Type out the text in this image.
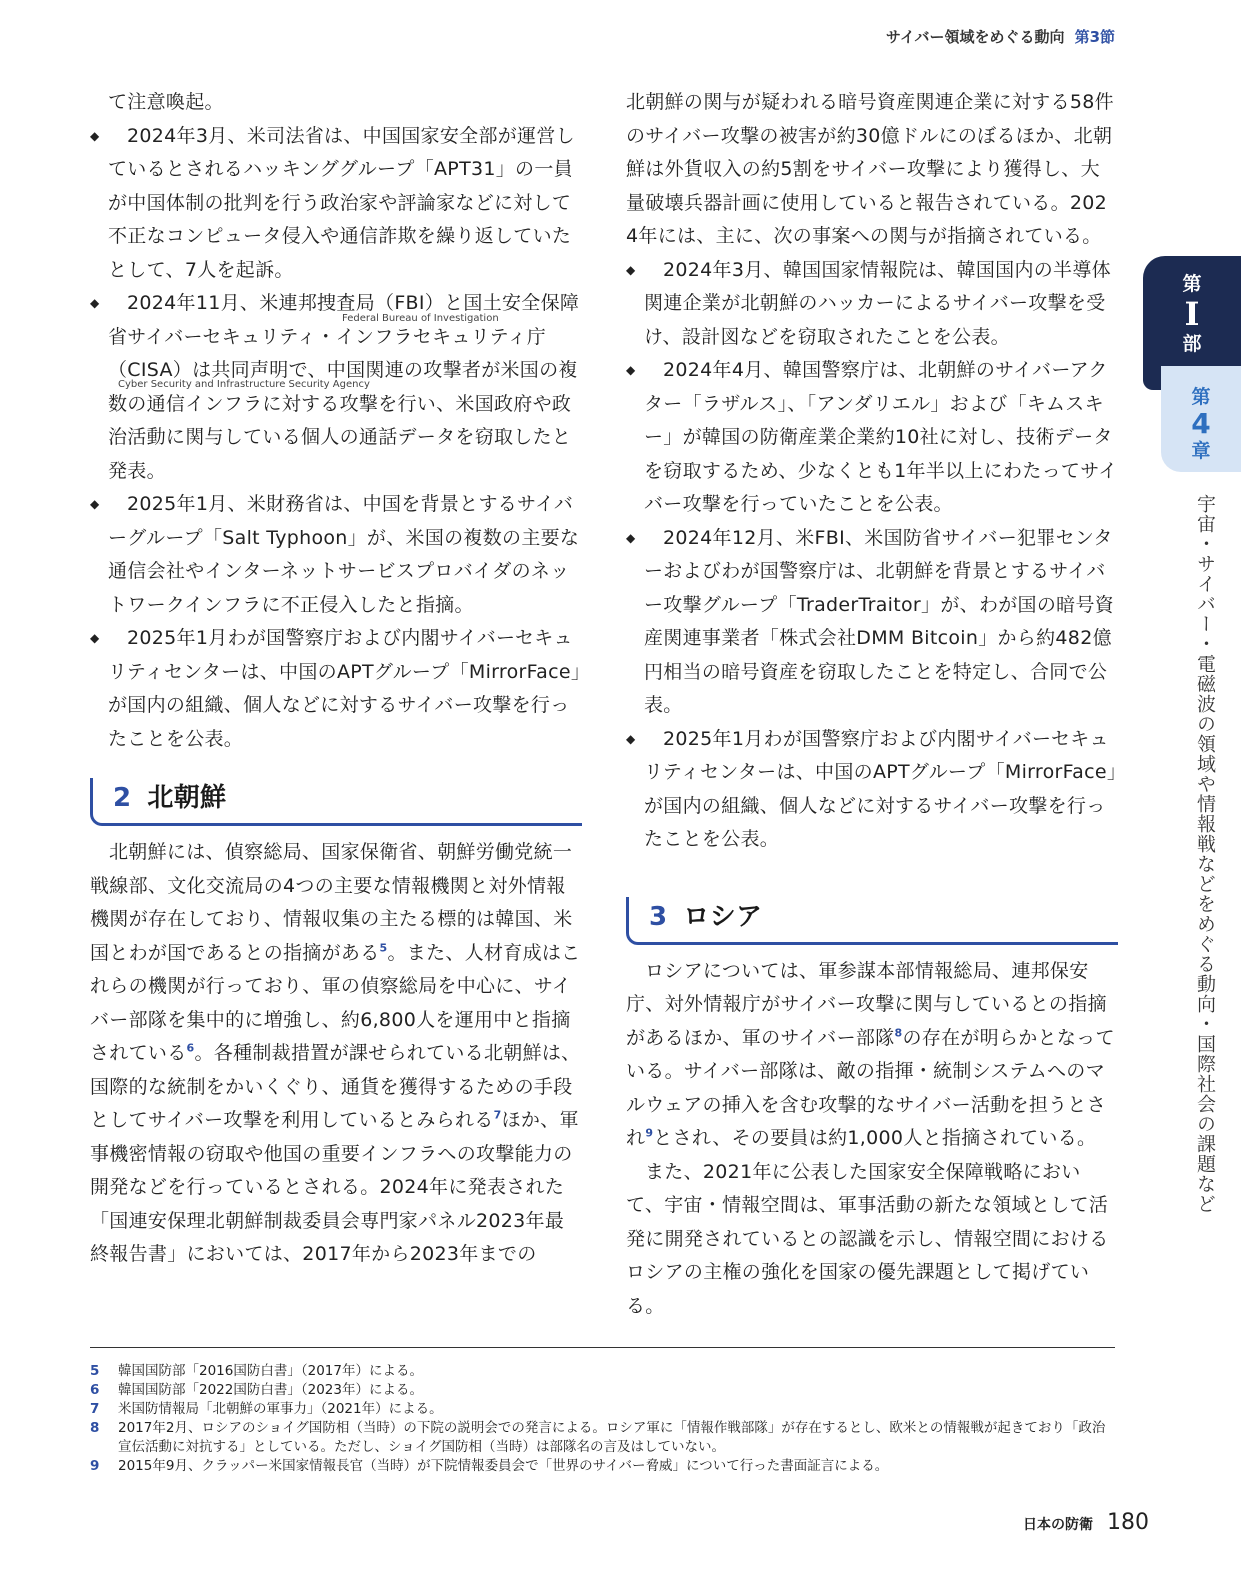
サイバー領域をめぐる動向 第3節

て注意喚起。

◆ 2024年3月、米司法省は、中国国家安全部が運営しているとされるハッキンググループ「APT31」の一員が中国体制の批判を行う政治家や評論家などに対して不正なコンピュータ侵入や通信詐欺を繰り返していたとして、7人を起訴。
◆ 2024年11月、米連邦捜査局（FBI）と国土安全保障省サイバーセキュリティ・インフラセキュリティ庁（CISA）は共同声明で、中国関連の攻撃者が米国の複数の通信インフラに対する攻撃を行い、米国政府や政治活動に関与している個人の通話データを窃取したと発表。
◆ 2025年1月、米財務省は、中国を背景とするサイバーグループ「Salt Typhoon」が、米国の複数の主要な通信会社やインターネットサービスプロバイダのネットワークインフラに不正侵入したと指摘。
◆ 2025年1月わが国警察庁および内閣サイバーセキュリティセンターは、中国のAPTグループ「MirrorFace」が国内の組織、個人などに対するサイバー攻撃を行ったことを公表。
2 北朝鮮

北朝鮮には、偵察総局、国家保衛省、朝鮮労働党統一戦線部、文化交流局の4つの主要な情報機関と対外情報機関が存在しており、情報収集の主たる標的は韓国、米国とわが国であるとの指摘がある$^5$。また、人材育成はこれらの機関が行っており、軍の偵察総局を中心に、サイバー部隊を集中的に増強し、約6,800人を運用中と指摘されている$^6$。各種制裁措置が課せられている北朝鮮は、国際的な統制をかいくぐり、通貨を獲得するための手段としてサイバー攻撃を利用しているとみられる$^7$ほか、軍事機密情報の窃取や他国の重要インフラへの攻撃能力の開発などを行っているとされる。2024年に発表された「国連安保理北朝鮮制裁委員会専門家パネル2023年最終報告書」においては、2017年から2023年までの

Federal Bureau of Investigation
Cyber Security and Infrastructure Security Agency

北朝鮮の関与が疑われる暗号資産関連企業に対する58件のサイバー攻撃の被害が約30億ドルにのぼるほか、北朝鮮は外貨収入の約5割をサイバー攻撃により獲得し、大量破壊兵器計画に使用していると報告されている。2024年には、主に、次の事案への関与が指摘されている。

◆ 2024年3月、韓国国家情報院は、韓国国内の半導体関連企業が北朝鮮のハッカーによるサイバー攻撃を受け、設計図などを窃取されたことを公表。
◆ 2024年4月、韓国警察庁は、北朝鮮のサイバーアクター「ラザルス」、「アンダリエル」および「キムスキー」が韓国の防衛産業企業約10社に対し、技術データを窃取するため、少なくとも1年半以上にわたってサイバー攻撃を行っていたことを公表。
◆ 2024年12月、米FBI、米国防省サイバー犯罪センターおよびわが国警察庁は、北朝鮮を背景とするサイバー攻撃グループ「TraderTraitor」が、わが国の暗号資産関連事業者「株式会社DMM Bitcoin」から約482億円相当の暗号資産を窃取したことを特定し、合同で公表。
◆ 2025年1月わが国警察庁および内閣サイバーセキュリティセンターは、中国のAPTグループ「MirrorFace」が国内の組織、個人などに対するサイバー攻撃を行ったことを公表。
3 ロシア

ロシアについては、軍参謀本部情報総局、連邦保安庁、対外情報庁がサイバー攻撃に関与しているとの指摘があるほか、軍のサイバー部隊$^8$の存在が明らかとなっている。サイバー部隊は、敵の指揮・統制システムへのマルウェアの挿入を含む攻撃的なサイバー活動を担うとされ$^9$とされ、その要員は約1,000人と指摘されている。

また、2021年に公表した国家安全保障戦略において、宇宙・情報空間は、軍事活動の新たな領域として活発に開発されているとの認識を示し、情報空間におけるロシアの主権の強化を国家の優先課題として掲げている。

5	韓国国防部「2016国防白書」（2017年）による。
6	韓国国防部「2022国防白書」（2023年）による。
7	米国防情報局「北朝鮮の軍事力」（2021年）による。
8	2017年2月、ロシアのショイグ国防相（当時）の下院の説明会での発言による。ロシア軍に「情報作戦部隊」が存在するとし、欧米との情報戦が起きており「政治宣伝活動に対抗する」としている。ただし、ショイグ国防相（当時）は部隊名の言及はしていない。
9	2015年9月、クラッパー米国家情報長官（当時）が下院情報委員会で「世界のサイバー脅威」について行った書面証言による。
第
I
部
第
4
章
宇宙・サイバー・電磁波の領域や情報戦などをめぐる動向・国際社会の課題など
日本の防衛 180
